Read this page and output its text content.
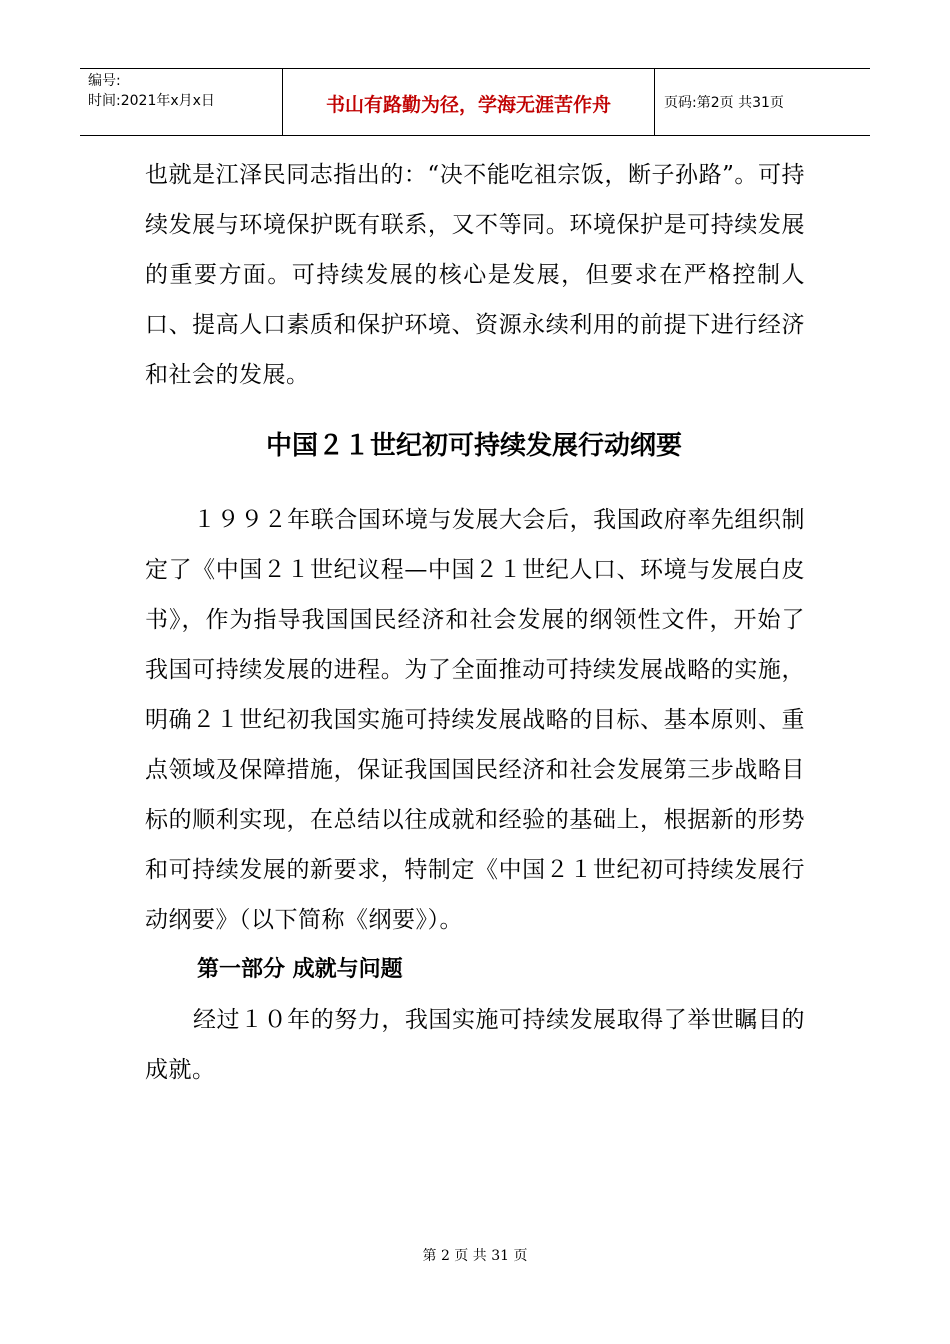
编号:
时间:2021年x月x日	书山有路勤为径，学海无涯苦作舟	页码:第2页 共31页

也就是江泽民同志指出的：“决不能吃祖宗饭，断子孙路”。可持续发展与环境保护既有联系，又不等同。环境保护是可持续发展的重要方面。可持续发展的核心是发展，但要求在严格控制人口、提高人口素质和保护环境、资源永续利用的前提下进行经济和社会的发展。

中国２１世纪初可持续发展行动纲要

１９９２年联合国环境与发展大会后，我国政府率先组织制定了《中国２１世纪议程—中国２１世纪人口、环境与发展白皮书》，作为指导我国国民经济和社会发展的纲领性文件，开始了我国可持续发展的进程。为了全面推动可持续发展战略的实施，明确２１世纪初我国实施可持续发展战略的目标、基本原则、重点领域及保障措施，保证我国国民经济和社会发展第三步战略目标的顺利实现，在总结以往成就和经验的基础上，根据新的形势和可持续发展的新要求，特制定《中国２１世纪初可持续发展行动纲要》（以下简称《纲要》）。

第一部分 成就与问题

经过１０年的努力，我国实施可持续发展取得了举世瞩目的成就。

第 2 页 共 31 页
